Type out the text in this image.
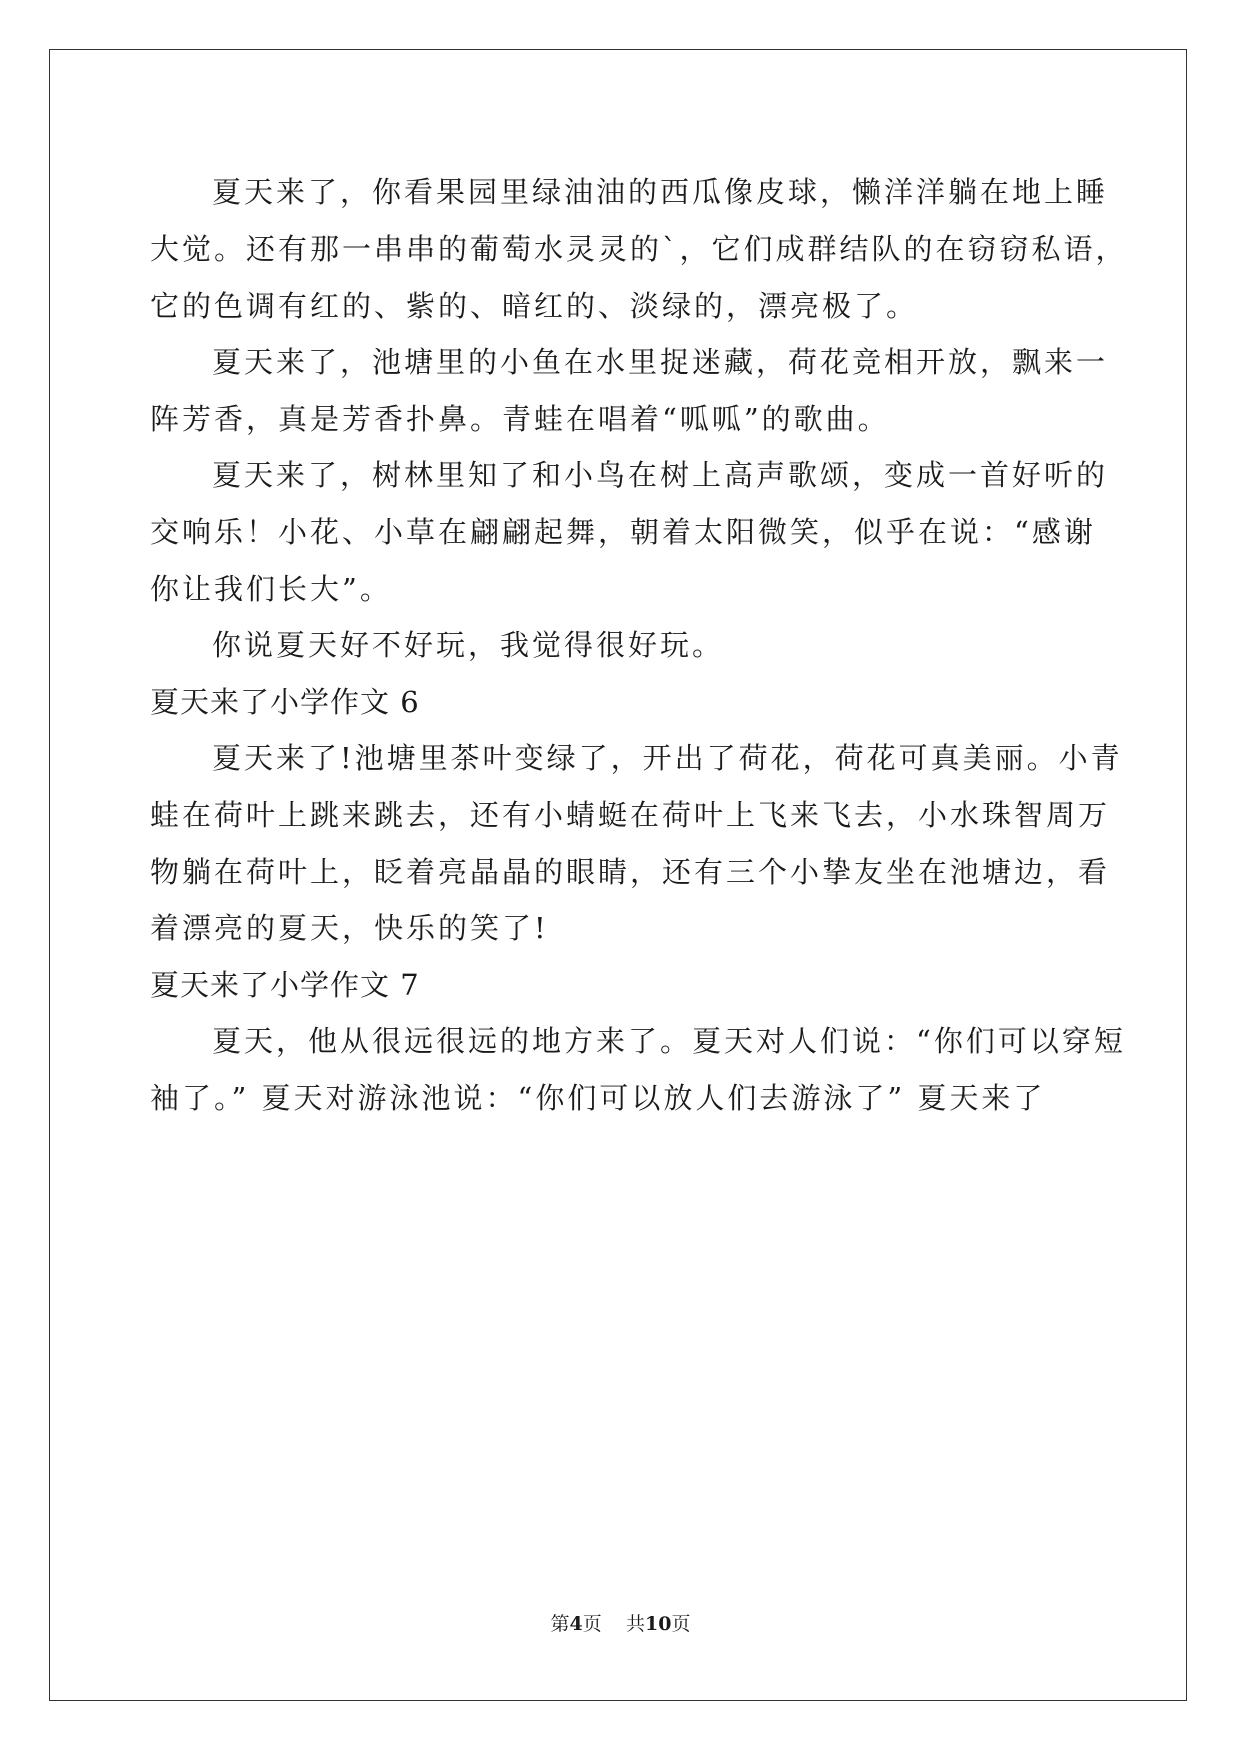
夏天来了，你看果园里绿油油的西瓜像皮球，懒洋洋躺在地上睡
大觉。还有那一串串的葡萄水灵灵的`，它们成群结队的在窃窃私语，
它的色调有红的、紫的、暗红的、淡绿的，漂亮极了。
夏天来了，池塘里的小鱼在水里捉迷藏，荷花竞相开放，飘来一
阵芳香，真是芳香扑鼻。青蛙在唱着“呱呱”的歌曲。
夏天来了，树林里知了和小鸟在树上高声歌颂，变成一首好听的
交响乐！小花、小草在翩翩起舞，朝着太阳微笑，似乎在说：“感谢
你让我们长大”。
你说夏天好不好玩，我觉得很好玩。
夏天来了小学作文 6
夏天来了!池塘里茶叶变绿了，开出了荷花，荷花可真美丽。小青
蛙在荷叶上跳来跳去，还有小蜻蜓在荷叶上飞来飞去，小水珠智周万
物躺在荷叶上，眨着亮晶晶的眼睛，还有三个小挚友坐在池塘边，看
着漂亮的夏天，快乐的笑了!
夏天来了小学作文 7
夏天，他从很远很远的地方来了。夏天对人们说：“你们可以穿短
袖了。” 夏天对游泳池说：“你们可以放人们去游泳了” 夏天来了
第4页 共10页
